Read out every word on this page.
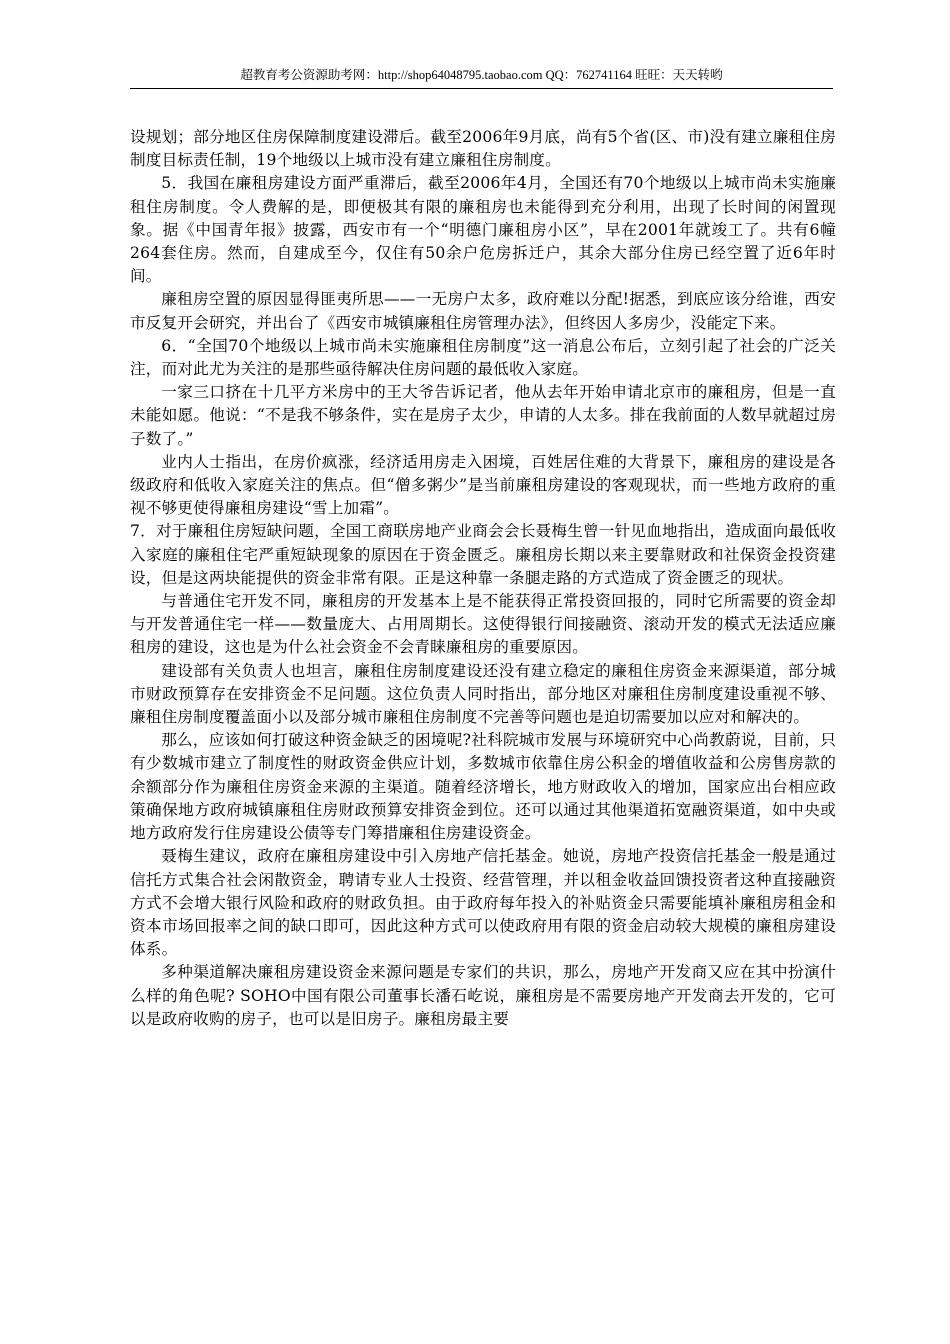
超教育考公资源助考网：http://shop64048795.taobao.com QQ：762741164 旺旺：天天转哟

设规划；部分地区住房保障制度建设滞后。截至2006年9月底，尚有5个省(区、市)没有建立廉租住房制度目标责任制，19个地级以上城市没有建立廉租住房制度。

5．我国在廉租房建设方面严重滞后，截至2006年4月，全国还有70个地级以上城市尚未实施廉租住房制度。令人费解的是，即便极其有限的廉租房也未能得到充分利用，出现了长时间的闲置现象。据《中国青年报》披露，西安市有一个“明德门廉租房小区”，早在2001年就竣工了。共有6幢264套住房。然而，自建成至今，仅住有50余户危房拆迁户，其余大部分住房已经空置了近6年时间。

廉租房空置的原因显得匪夷所思——一无房户太多，政府难以分配!据悉，到底应该分给谁，西安市反复开会研究，并出台了《西安市城镇廉租住房管理办法》，但终因人多房少，没能定下来。

6．“全国70个地级以上城市尚未实施廉租住房制度”这一消息公布后，立刻引起了社会的广泛关注，而对此尤为关注的是那些亟待解决住房问题的最低收入家庭。

一家三口挤在十几平方米房中的王大爷告诉记者，他从去年开始申请北京市的廉租房，但是一直未能如愿。他说：“不是我不够条件，实在是房子太少，申请的人太多。排在我前面的人数早就超过房子数了。”

业内人士指出，在房价疯涨，经济适用房走入困境，百姓居住难的大背景下，廉租房的建设是各级政府和低收入家庭关注的焦点。但“僧多粥少”是当前廉租房建设的客观现状，而一些地方政府的重视不够更使得廉租房建设“雪上加霜”。

7．对于廉租住房短缺问题，全国工商联房地产业商会会长聂梅生曾一针见血地指出，造成面向最低收入家庭的廉租住宅严重短缺现象的原因在于资金匮乏。廉租房长期以来主要靠财政和社保资金投资建设，但是这两块能提供的资金非常有限。正是这种靠一条腿走路的方式造成了资金匮乏的现状。

与普通住宅开发不同，廉租房的开发基本上是不能获得正常投资回报的，同时它所需要的资金却与开发普通住宅一样——数量庞大、占用周期长。这使得银行间接融资、滚动开发的模式无法适应廉租房的建设，这也是为什么社会资金不会青睐廉租房的重要原因。

建设部有关负责人也坦言，廉租住房制度建设还没有建立稳定的廉租住房资金来源渠道，部分城市财政预算存在安排资金不足问题。这位负责人同时指出，部分地区对廉租住房制度建设重视不够、廉租住房制度覆盖面小以及部分城市廉租住房制度不完善等问题也是迫切需要加以应对和解决的。

那么，应该如何打破这种资金缺乏的困境呢?社科院城市发展与环境研究中心尚教蔚说，目前，只有少数城市建立了制度性的财政资金供应计划，多数城市依靠住房公积金的增值收益和公房售房款的余额部分作为廉租住房资金来源的主渠道。随着经济增长，地方财政收入的增加，国家应出台相应政策确保地方政府城镇廉租住房财政预算安排资金到位。还可以通过其他渠道拓宽融资渠道，如中央或地方政府发行住房建设公债等专门筹措廉租住房建设资金。

聂梅生建议，政府在廉租房建设中引入房地产信托基金。她说，房地产投资信托基金一般是通过信托方式集合社会闲散资金，聘请专业人士投资、经营管理，并以租金收益回馈投资者这种直接融资方式不会增大银行风险和政府的财政负担。由于政府每年投入的补贴资金只需要能填补廉租房租金和资本市场回报率之间的缺口即可，因此这种方式可以使政府用有限的资金启动较大规模的廉租房建设体系。

多种渠道解决廉租房建设资金来源问题是专家们的共识，那么，房地产开发商又应在其中扮演什么样的角色呢? SOHO中国有限公司董事长潘石屹说，廉租房是不需要房地产开发商去开发的，它可以是政府收购的房子，也可以是旧房子。廉租房最主要
